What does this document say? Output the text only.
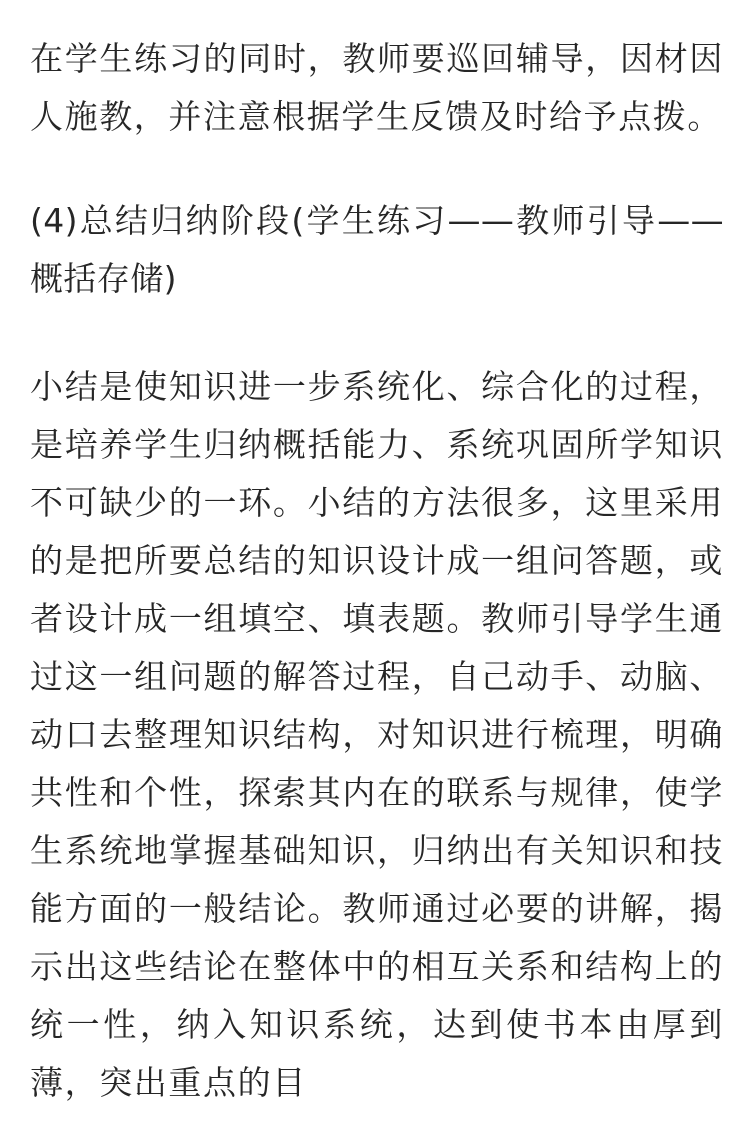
在学生练习的同时，教师要巡回辅导，因材因人施教，并注意根据学生反馈及时给予点拨。

(4)总结归纳阶段(学生练习——教师引导——概括存储)

小结是使知识进一步系统化、综合化的过程，是培养学生归纳概括能力、系统巩固所学知识不可缺少的一环。小结的方法很多，这里采用的是把所要总结的知识设计成一组问答题，或者设计成一组填空、填表题。教师引导学生通过这一组问题的解答过程，自己动手、动脑、动口去整理知识结构，对知识进行梳理，明确共性和个性，探索其内在的联系与规律，使学生系统地掌握基础知识，归纳出有关知识和技能方面的一般结论。教师通过必要的讲解，揭示出这些结论在整体中的相互关系和结构上的统一性，纳入知识系统，达到使书本由厚到薄，突出重点的目
